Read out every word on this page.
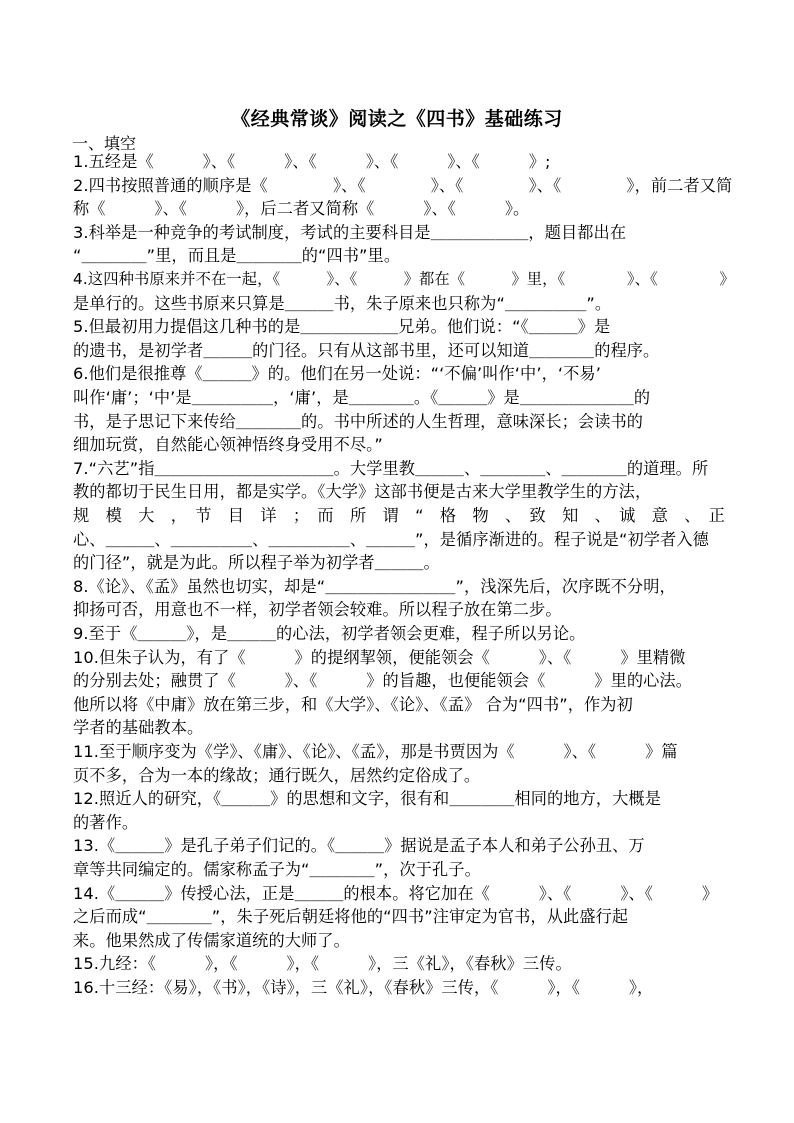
《经典常谈》阅读之《四书》基础练习
一、填空
1.五经是《　　　》、《　　　》、《　　　》、《　　　》、《　　　》;
2.四书按照普通的顺序是《　　　　》、《　　　　》、《　　　　》、《　　　　》，前二者又简
称《　　　》、《　　　》，后二者又简称《　　　》、《　　　》。
3.科举是一种竞争的考试制度，考试的主要科目是＿＿＿＿＿＿，题目都出在
“＿＿＿＿”里，而且是＿＿＿＿的“四书”里。
4.这四种书原来并不在一起，《　　　》、《　　　》都在《　　　》里，《　　　　》、《　　　　》
是单行的。这些书原来只算是＿＿＿书，朱子原来也只称为“＿＿＿＿＿”。
5.但最初用力提倡这几种书的是＿＿＿＿＿＿兄弟。他们说：“《＿＿＿》是
的遗书，是初学者＿＿＿的门径。只有从这部书里，还可以知道＿＿＿＿的程序。
6.他们是很推尊《＿＿＿》的。他们在另一处说：“‘不偏’叫作‘中’，‘不易’
叫作‘庸’；‘中’是＿＿＿＿＿，‘庸’，是＿＿＿＿。《＿＿＿》是＿＿＿＿＿＿＿的
书，是子思记下来传给＿＿＿＿的。书中所述的人生哲理，意味深长；会读书的
细加玩赏，自然能心领神悟终身受用不尽。”
7.“六艺”指＿＿＿＿＿＿＿＿＿＿＿。大学里教＿＿＿、＿＿＿＿、＿＿＿＿的道理。所
教的都切于民生日用，都是实学。《大学》这部书便是古来大学里教学生的方法，
规　模　大　，　节　目　详　；　而　所　谓　“　格　物　、　致　知　、　诚　意　、　正
心、＿＿＿、＿＿＿＿＿、＿＿＿＿＿、＿＿＿”，是循序渐进的。程子说是“初学者入德
的门径”，就是为此。所以程子举为初学者＿＿＿。
8.《论》、《孟》虽然也切实，却是“＿＿＿＿＿＿＿＿”，浅深先后，次序既不分明，
抑扬可否，用意也不一样，初学者领会较难。所以程子放在第二步。
9.至于《＿＿＿》，是＿＿＿的心法，初学者领会更难，程子所以另论。
10.但朱子认为，有了《　　　》的提纲挈领，便能领会《　　　》、《　　　》里精微
的分别去处；融贯了《　　　》、《　　　》的旨趣，也便能领会《　　　》里的心法。
他所以将《中庸》放在第三步，和《大学》、《论》、《孟》 合为“四书”，作为初
学者的基础教本。
11.至于顺序变为《学》、《庸》、《论》、《孟》，那是书贾因为《　　　》、《　　　》篇
页不多，合为一本的缘故；通行既久，居然约定俗成了。
12.照近人的研究，《＿＿＿》的思想和文字，很有和＿＿＿＿相同的地方，大概是
的著作。
13.《＿＿＿》是孔子弟子们记的。《＿＿＿》据说是孟子本人和弟子公孙丑、万
章等共同编定的。儒家称孟子为“＿＿＿＿”，次于孔子。
14.《＿＿＿》传授心法，正是＿＿＿的根本。将它加在《　　　》、《　　　》、《　　　》
之后而成“＿＿＿＿”，朱子死后朝廷将他的“四书”注审定为官书，从此盛行起
来。他果然成了传儒家道统的大师了。
15.九经：《　　　》，《　　　》，《　　　》，三《礼》，《春秋》三传。
16.十三经：《易》，《书》，《诗》，三《礼》，《春秋》三传，《　　　》，《　　　》，
